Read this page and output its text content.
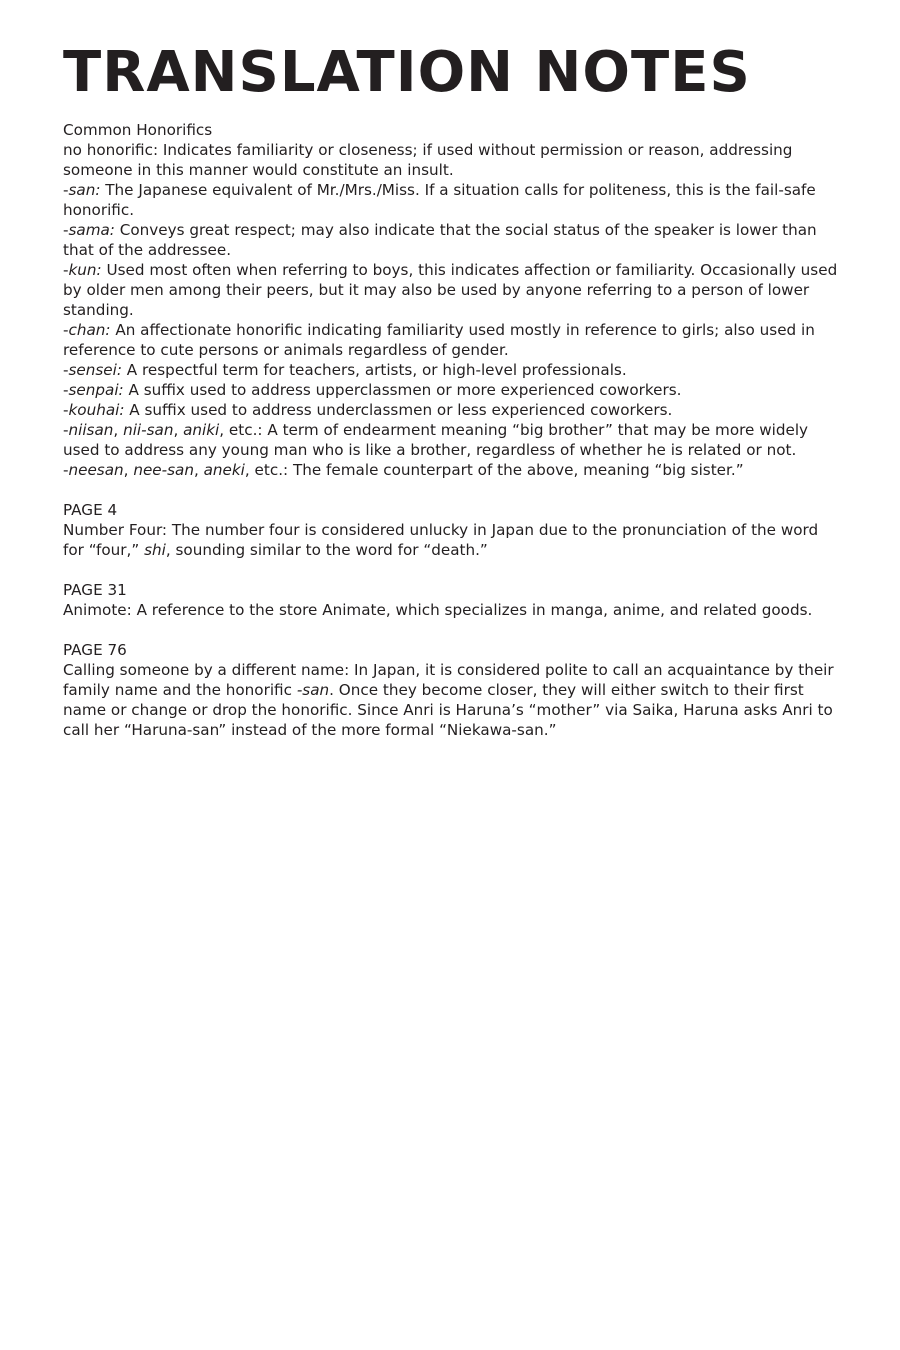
TRANSLATION NOTES

Common Honorifics

no honorific: Indicates familiarity or closeness; if used without permission or reason, addressing someone in this manner would constitute an insult.

-san: The Japanese equivalent of Mr./Mrs./Miss. If a situation calls for politeness, this is the fail-safe honorific.

-sama: Conveys great respect; may also indicate that the social status of the speaker is lower than that of the addressee.

-kun: Used most often when referring to boys, this indicates affection or familiarity. Occasionally used by older men among their peers, but it may also be used by anyone referring to a person of lower standing.

-chan: An affectionate honorific indicating familiarity used mostly in reference to girls; also used in reference to cute persons or animals regardless of gender.

-sensei: A respectful term for teachers, artists, or high-level professionals.

-senpai: A suffix used to address upperclassmen or more experienced coworkers.

-kouhai: A suffix used to address underclassmen or less experienced coworkers.

-niisan, nii-san, aniki, etc.: A term of endearment meaning “big brother” that may be more widely used to address any young man who is like a brother, regardless of whether he is related or not.

-neesan, nee-san, aneki, etc.: The female counterpart of the above, meaning “big sister.”

PAGE 4

Number Four: The number four is considered unlucky in Japan due to the pronunciation of the word for “four,” shi, sounding similar to the word for “death.”

PAGE 31

Animote: A reference to the store Animate, which specializes in manga, anime, and related goods.

PAGE 76

Calling someone by a different name: In Japan, it is considered polite to call an acquaintance by their family name and the honorific -san. Once they become closer, they will either switch to their first name or change or drop the honorific. Since Anri is Haruna’s “mother” via Saika, Haruna asks Anri to call her “Haruna-san” instead of the more formal “Niekawa-san.”
